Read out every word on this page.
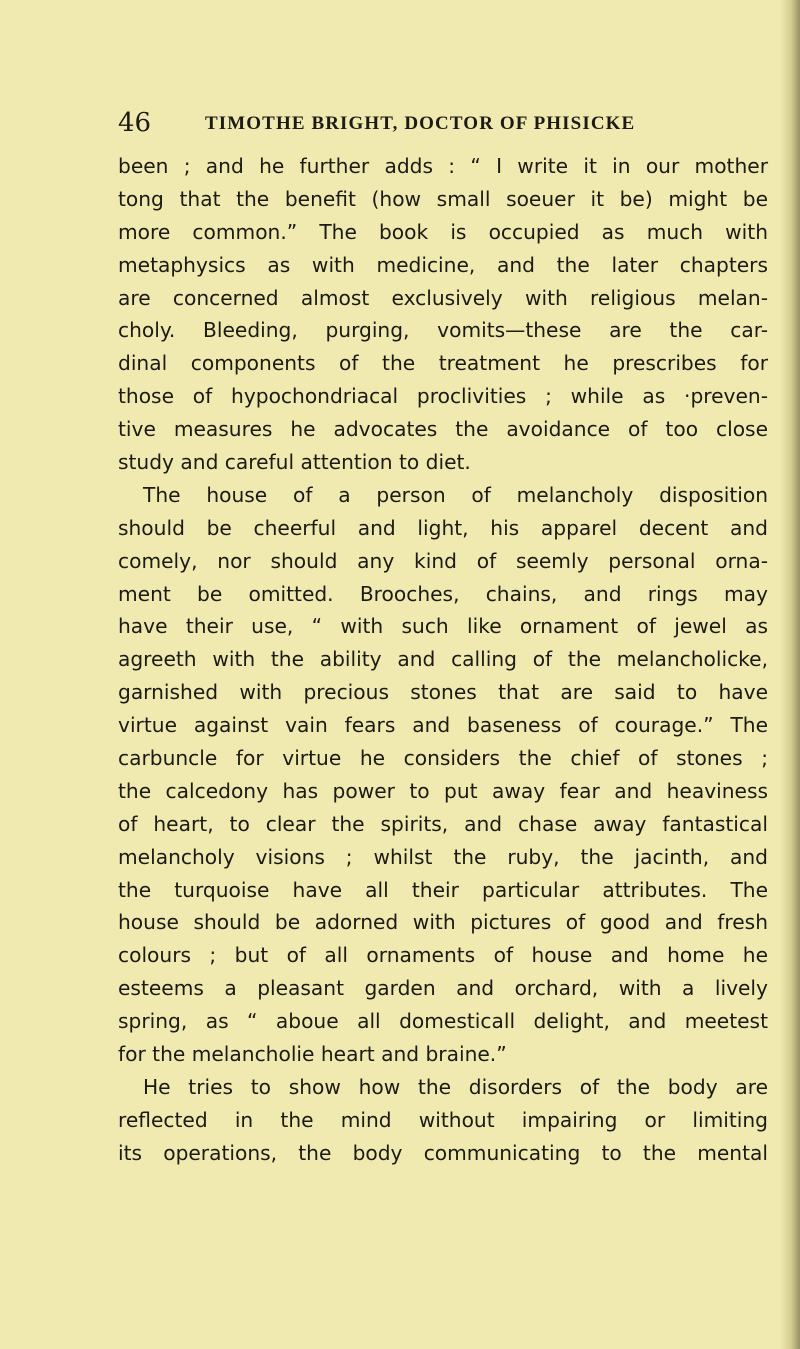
46	TIMOTHE BRIGHT, DOCTOR OF PHISICKE
been ; and he further adds : “ I write it in our mother
tong that the benefit (how small soeuer it be) might be
more common.” The book is occupied as much with
metaphysics as with medicine, and the later chapters
are concerned almost exclusively with religious melan-
choly. Bleeding, purging, vomits—these are the car-
dinal components of the treatment he prescribes for
those of hypochondriacal proclivities ; while as ·preven-
tive measures he advocates the avoidance of too close
study and careful attention to diet.
The house of a person of melancholy disposition
should be cheerful and light, his apparel decent and
comely, nor should any kind of seemly personal orna-
ment be omitted. Brooches, chains, and rings may
have their use, “ with such like ornament of jewel as
agreeth with the ability and calling of the melancholicke,
garnished with precious stones that are said to have
virtue against vain fears and baseness of courage.” The
carbuncle for virtue he considers the chief of stones ;
the calcedony has power to put away fear and heaviness
of heart, to clear the spirits, and chase away fantastical
melancholy visions ; whilst the ruby, the jacinth, and
the turquoise have all their particular attributes. The
house should be adorned with pictures of good and fresh
colours ; but of all ornaments of house and home he
esteems a pleasant garden and orchard, with a lively
spring, as “ aboue all domesticall delight, and meetest
for the melancholie heart and braine.”
He tries to show how the disorders of the body are
reflected in the mind without impairing or limiting
its operations, the body communicating to the mental
